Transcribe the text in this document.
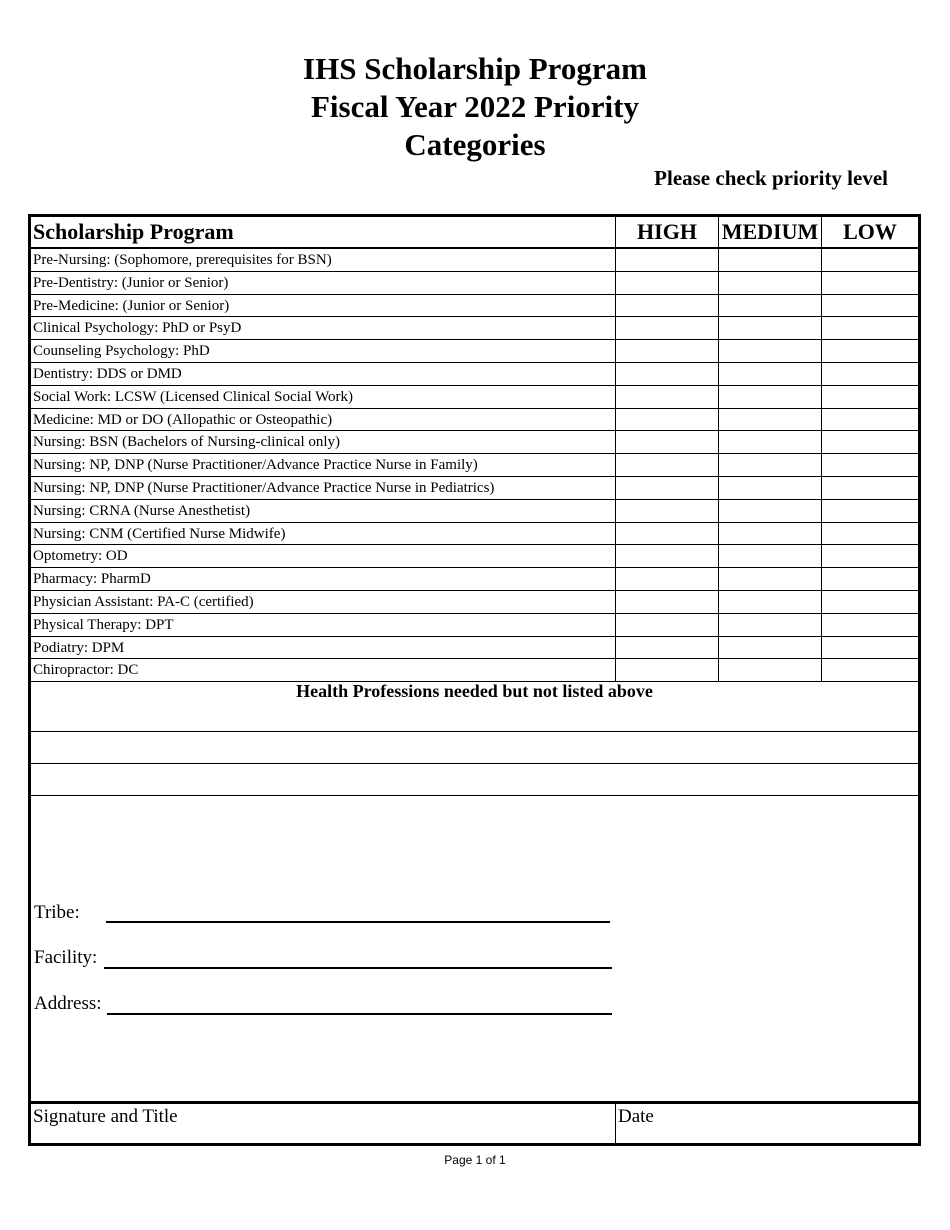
IHS Scholarship Program
Fiscal Year 2022 Priority
Categories
Please check priority level
Scholarship Program	HIGH	MEDIUM	LOW
Pre-Nursing: (Sophomore, prerequisites for BSN)
Pre-Dentistry: (Junior or Senior)
Pre-Medicine: (Junior or Senior)
Clinical Psychology: PhD or PsyD
Counseling Psychology: PhD
Dentistry: DDS or DMD
Social Work: LCSW (Licensed Clinical Social Work)
Medicine: MD or DO (Allopathic or Osteopathic)
Nursing: BSN (Bachelors of Nursing-clinical only)
Nursing: NP, DNP (Nurse Practitioner/Advance Practice Nurse in Family)
Nursing: NP, DNP (Nurse Practitioner/Advance Practice Nurse in Pediatrics)
Nursing: CRNA (Nurse Anesthetist)
Nursing: CNM (Certified Nurse Midwife)
Optometry: OD
Pharmacy: PharmD
Physician Assistant: PA-C (certified)
Physical Therapy: DPT
Podiatry: DPM
Chiropractor: DC
Health Professions needed but not listed above
Tribe:
Facility:
Address:
Signature and Title	Date
Page 1 of 1
